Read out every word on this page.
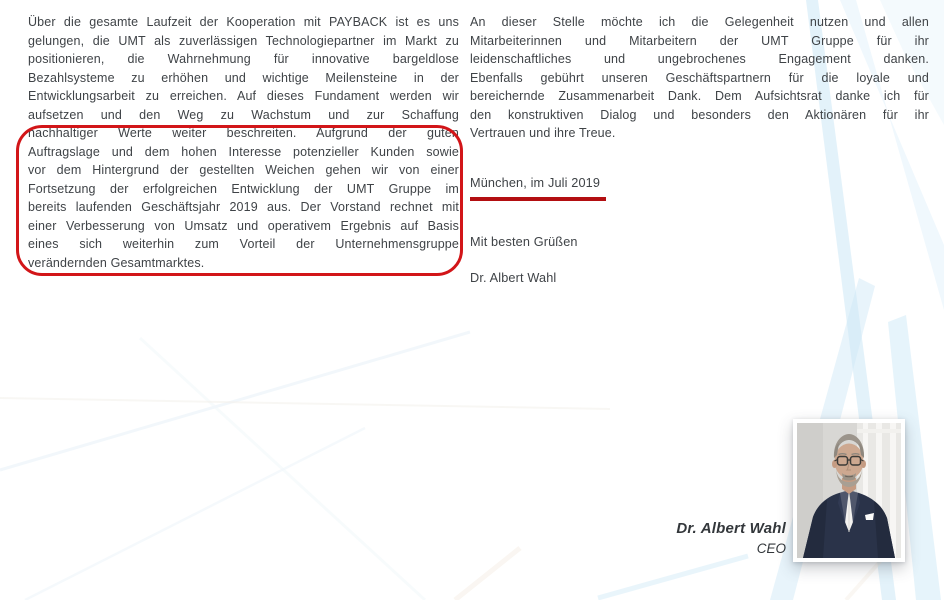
Über die gesamte Laufzeit der Kooperation mit PAYBACK ist es uns
gelungen, die UMT als zuverlässigen Technologiepartner im Markt zu
positionieren, die Wahrnehmung für innovative bargeldlose
Bezahlsysteme zu erhöhen und wichtige Meilensteine in der
Entwicklungsarbeit zu erreichen. Auf dieses Fundament werden wir
aufsetzen und den Weg zu Wachstum und zur Schaffung
nachhaltiger Werte weiter beschreiten. Aufgrund der guten
Auftragslage und dem hohen Interesse potenzieller Kunden sowie
vor dem Hintergrund der gestellten Weichen gehen wir von einer
Fortsetzung der erfolgreichen Entwicklung der UMT Gruppe im
bereits laufenden Geschäftsjahr 2019 aus. Der Vorstand rechnet mit
einer Verbesserung von Umsatz und operativem Ergebnis auf Basis
eines sich weiterhin zum Vorteil der Unternehmensgruppe
verändernden Gesamtmarktes.
An dieser Stelle möchte ich die Gelegenheit nutzen und allen
Mitarbeiterinnen und Mitarbeitern der UMT Gruppe für ihr
leidenschaftliches und ungebrochenes Engagement danken.
Ebenfalls gebührt unseren Geschäftspartnern für die loyale und
bereichernde Zusammenarbeit Dank. Dem Aufsichtsrat danke ich für
den konstruktiven Dialog und besonders den Aktionären für ihr
Vertrauen und ihre Treue.
München, im Juli 2019
Mit besten Grüßen
Dr. Albert Wahl
Dr. Albert Wahl
CEO
